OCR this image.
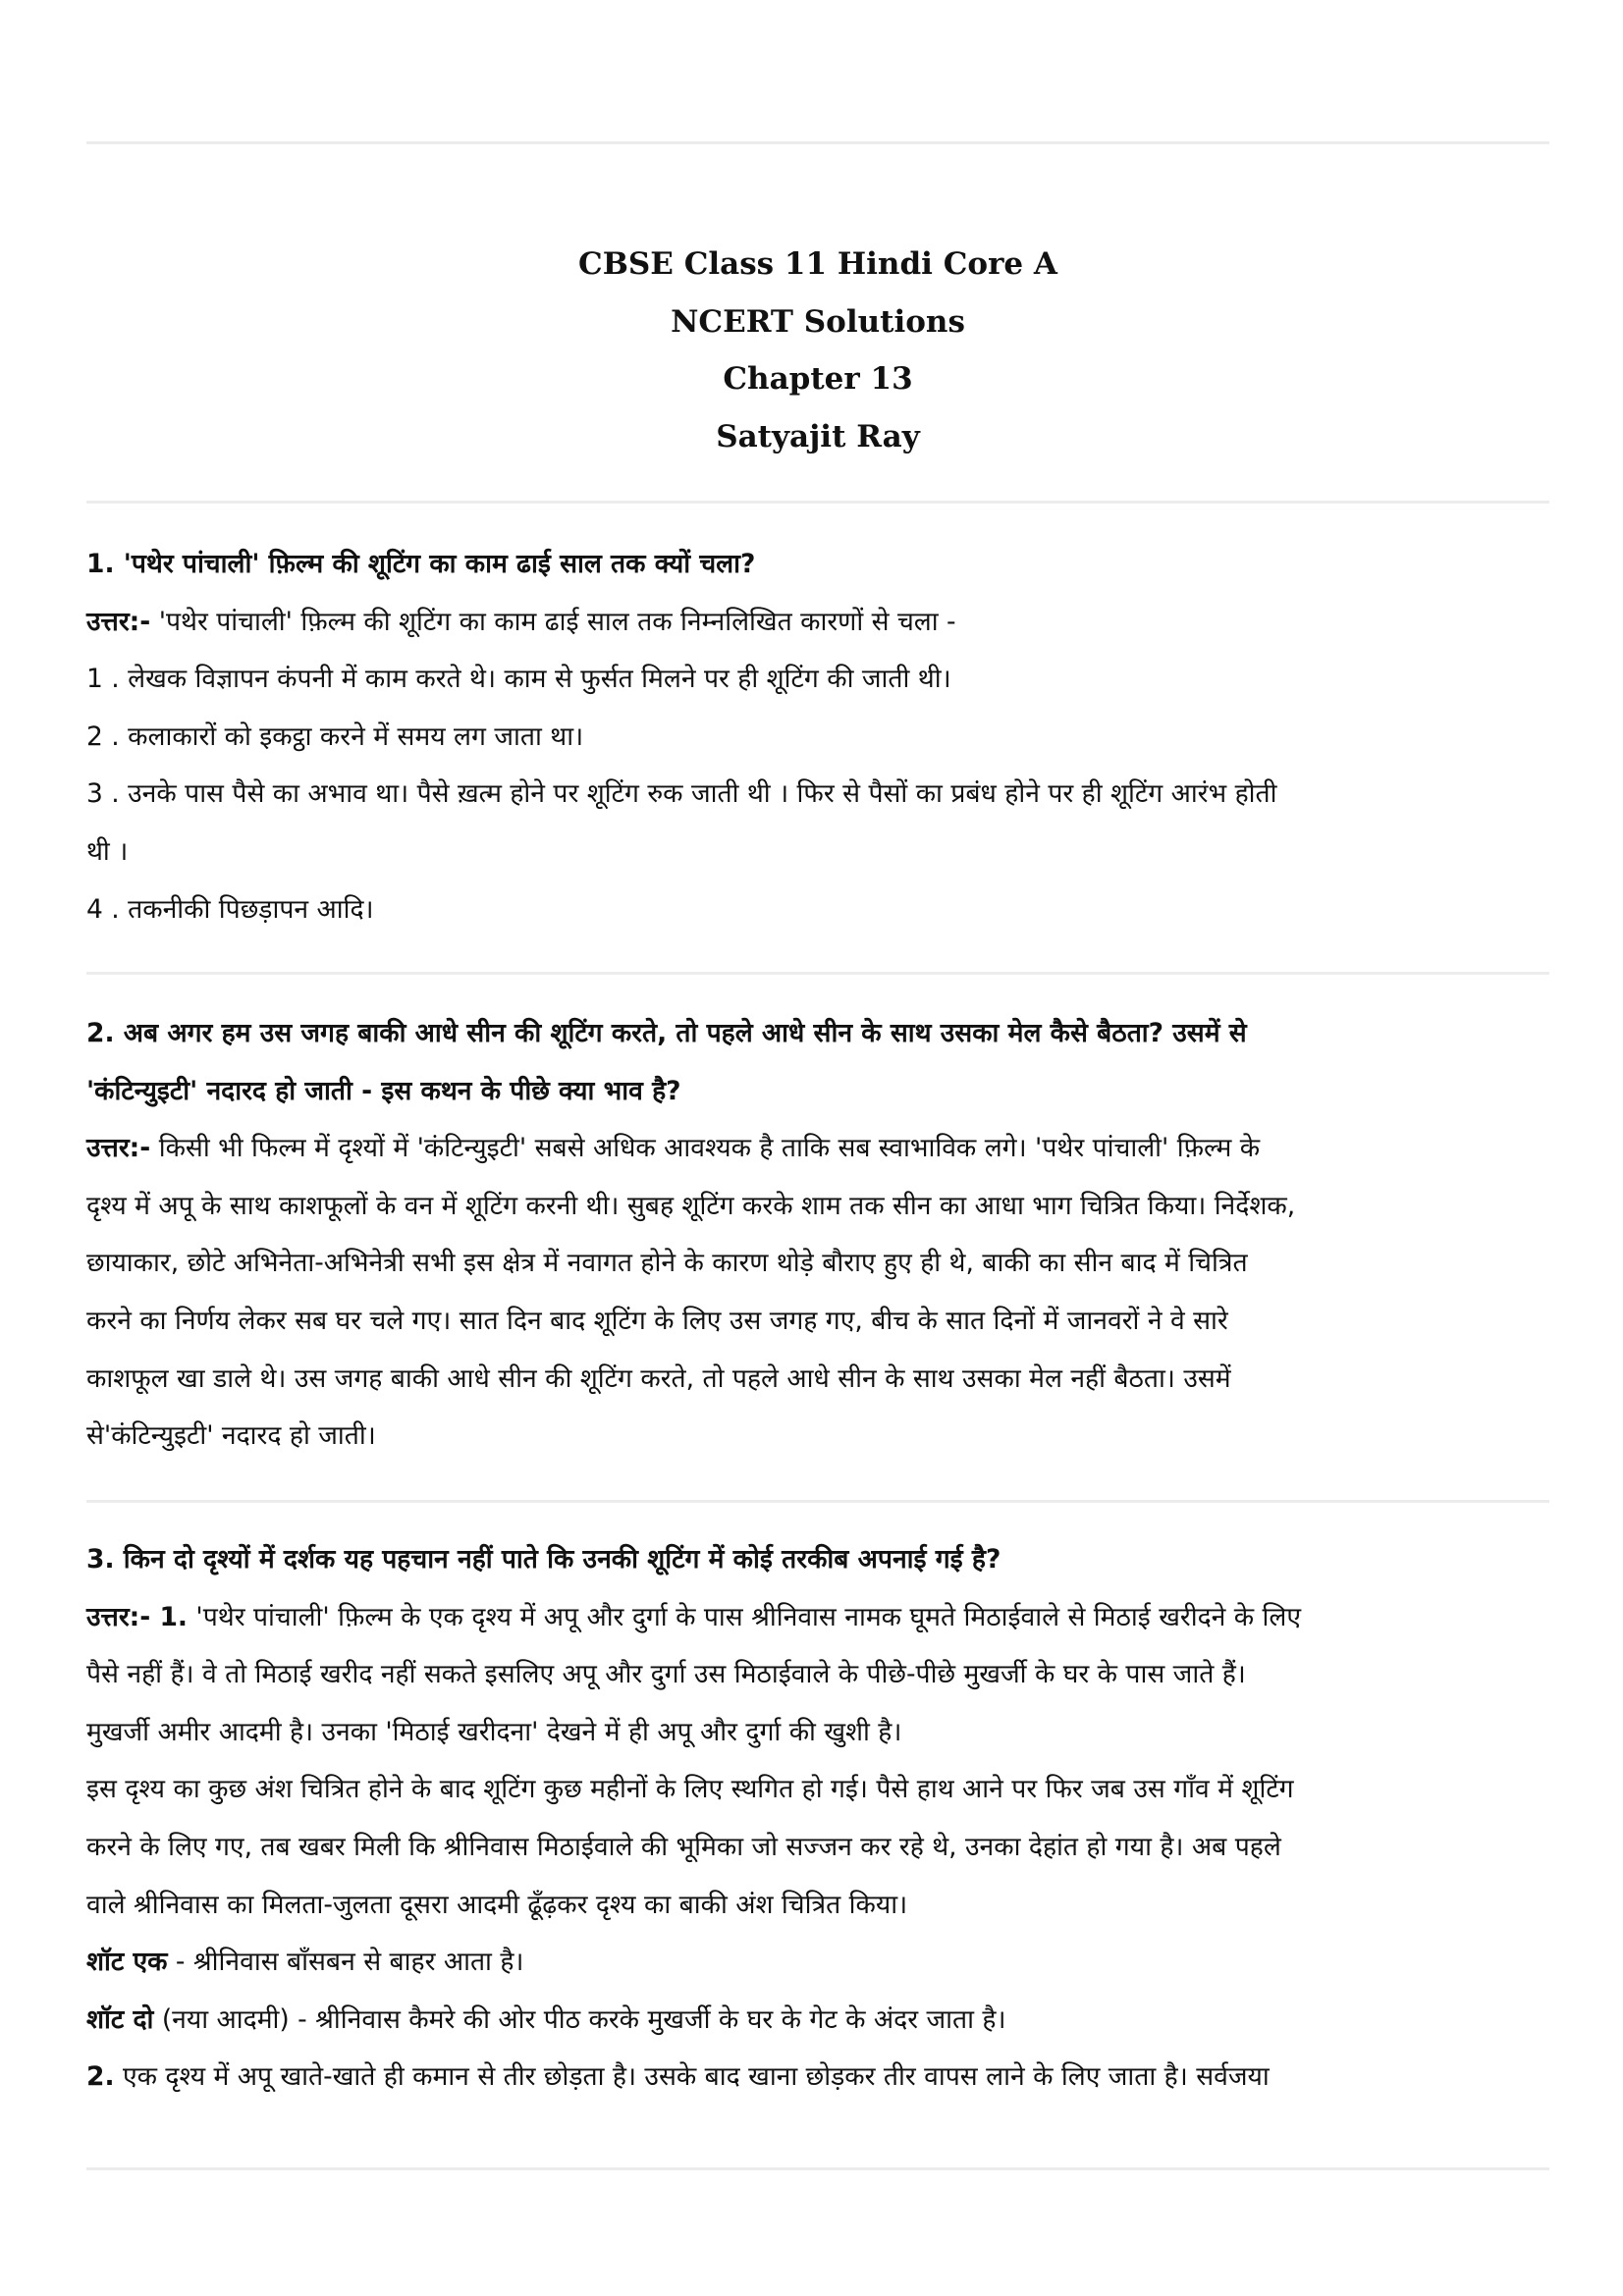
CBSE Class 11 Hindi Core A
NCERT Solutions
Chapter 13
Satyajit Ray
1. 'पथेर पांचाली' फ़िल्म की शूटिंग का काम ढाई साल तक क्यों चला?
उत्तर:- 'पथेर पांचाली' फ़िल्म की शूटिंग का काम ढाई साल तक निम्नलिखित कारणों से चला -
1 . लेखक विज्ञापन कंपनी में काम करते थे। काम से फुर्सत मिलने पर ही शूटिंग की जाती थी।
2 . कलाकारों को इकट्ठा करने में समय लग जाता था।
3 . उनके पास पैसे का अभाव था। पैसे ख़त्म होने पर शूटिंग रुक जाती थी । फिर से पैसों का प्रबंध होने पर ही शूटिंग आरंभ होती
थी ।
4 . तकनीकी पिछड़ापन आदि।
2. अब अगर हम उस जगह बाकी आधे सीन की शूटिंग करते, तो पहले आधे सीन के साथ उसका मेल कैसे बैठता? उसमें से
'कंटिन्युइटी' नदारद हो जाती - इस कथन के पीछे क्या भाव है?
उत्तर:- किसी भी फिल्म में दृश्यों में 'कंटिन्युइटी' सबसे अधिक आवश्यक है ताकि सब स्वाभाविक लगे। 'पथेर पांचाली' फ़िल्म के
दृश्य में अपू के साथ काशफूलों के वन में शूटिंग करनी थी। सुबह शूटिंग करके शाम तक सीन का आधा भाग चित्रित किया। निर्देशक,
छायाकार, छोटे अभिनेता-अभिनेत्री सभी इस क्षेत्र में नवागत होने के कारण थोड़े बौराए हुए ही थे, बाकी का सीन बाद में चित्रित
करने का निर्णय लेकर सब घर चले गए। सात दिन बाद शूटिंग के लिए उस जगह गए, बीच के सात दिनों में जानवरों ने वे सारे
काशफूल खा डाले थे। उस जगह बाकी आधे सीन की शूटिंग करते, तो पहले आधे सीन के साथ उसका मेल नहीं बैठता। उसमें
से'कंटिन्युइटी' नदारद हो जाती।
3. किन दो दृश्यों में दर्शक यह पहचान नहीं पाते कि उनकी शूटिंग में कोई तरकीब अपनाई गई है?
उत्तर:- 1. 'पथेर पांचाली' फ़िल्म के एक दृश्य में अपू और दुर्गा के पास श्रीनिवास नामक घूमते मिठाईवाले से मिठाई खरीदने के लिए
पैसे नहीं हैं। वे तो मिठाई खरीद नहीं सकते इसलिए अपू और दुर्गा उस मिठाईवाले के पीछे-पीछे मुखर्जी के घर के पास जाते हैं।
मुखर्जी अमीर आदमी है। उनका 'मिठाई खरीदना' देखने में ही अपू और दुर्गा की खुशी है।
इस दृश्य का कुछ अंश चित्रित होने के बाद शूटिंग कुछ महीनों के लिए स्थगित हो गई। पैसे हाथ आने पर फिर जब उस गाँव में शूटिंग
करने के लिए गए, तब खबर मिली कि श्रीनिवास मिठाईवाले की भूमिका जो सज्जन कर रहे थे, उनका देहांत हो गया है। अब पहले
वाले श्रीनिवास का मिलता-जुलता दूसरा आदमी ढूँढ़कर दृश्य का बाकी अंश चित्रित किया।
शॉट एक - श्रीनिवास बाँसबन से बाहर आता है।
शॉट दो (नया आदमी) - श्रीनिवास कैमरे की ओर पीठ करके मुखर्जी के घर के गेट के अंदर जाता है।
2. एक दृश्य में अपू खाते-खाते ही कमान से तीर छोड़ता है। उसके बाद खाना छोड़कर तीर वापस लाने के लिए जाता है। सर्वजया
